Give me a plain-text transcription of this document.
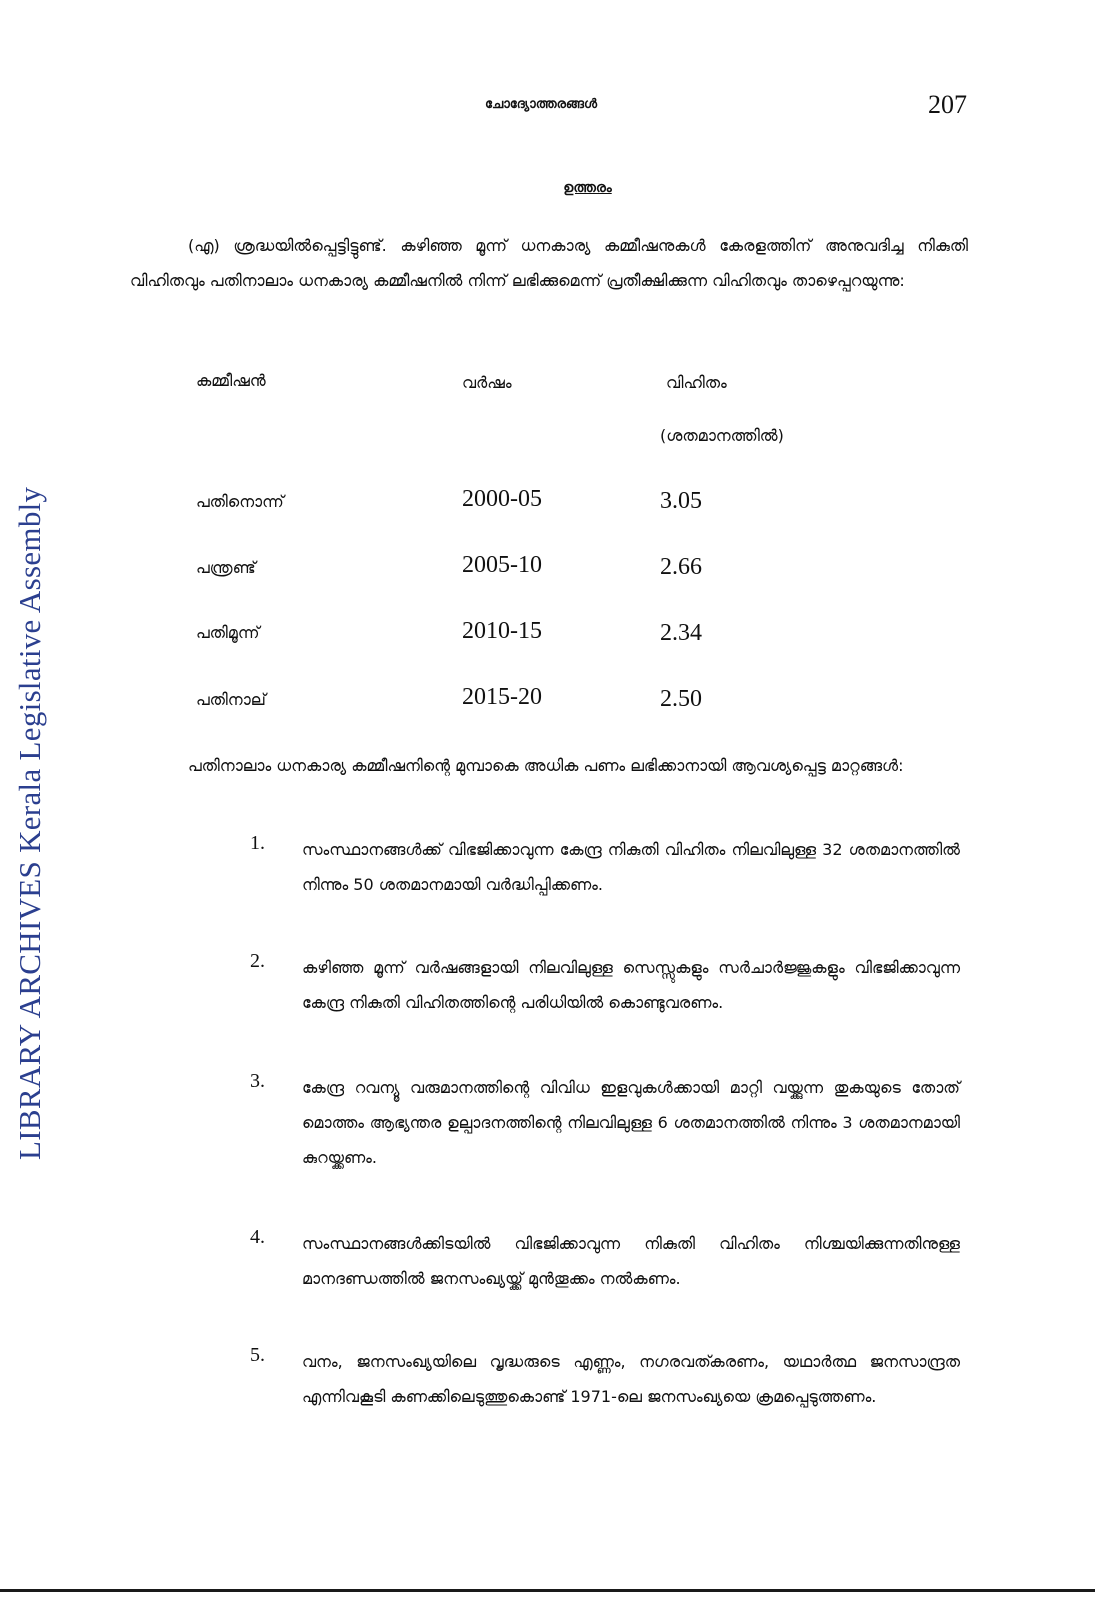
LIBRARY ARCHIVES Kerala Legislative Assembly
ചോദ്യോത്തരങ്ങൾ	207
ഉത്തരം
(എ) ശ്രദ്ധയിൽപ്പെട്ടിട്ടുണ്ട്. കഴിഞ്ഞ മൂന്ന് ധനകാര്യ കമ്മീഷനുകൾ കേരളത്തിന് അനുവദിച്ച നികുതി വിഹിതവും പതിനാലാം ധനകാര്യ കമ്മീഷനിൽ നിന്ന് ലഭിക്കുമെന്ന് പ്രതീക്ഷിക്കുന്ന വിഹിതവും താഴെപ്പറയുന്നു:
കമ്മീഷൻ	വർഷം	വിഹിതം
(ശതമാനത്തിൽ)
പതിനൊന്ന്	2000-05	3.05
പന്ത്രണ്ട്	2005-10	2.66
പതിമൂന്ന്	2010-15	2.34
പതിനാല്	2015-20	2.50
പതിനാലാം ധനകാര്യ കമ്മീഷനിന്റെ മുമ്പാകെ അധിക പണം ലഭിക്കാനായി ആവശ്യപ്പെട്ട മാറ്റങ്ങൾ:
1. സംസ്ഥാനങ്ങൾക്ക് വിഭജിക്കാവുന്ന കേന്ദ്ര നികുതി വിഹിതം നിലവിലുള്ള 32 ശതമാനത്തിൽ നിന്നും 50 ശതമാനമായി വർദ്ധിപ്പിക്കണം.
2. കഴിഞ്ഞ മൂന്ന് വർഷങ്ങളായി നിലവിലുള്ള സെസ്സുകളും സർചാർജ്ജുകളും വിഭജിക്കാവുന്ന കേന്ദ്ര നികുതി വിഹിതത്തിന്റെ പരിധിയിൽ കൊണ്ടുവരണം.
3. കേന്ദ്ര റവന്യൂ വരുമാനത്തിന്റെ വിവിധ ഇളവുകൾക്കായി മാറ്റി വയ്ക്കുന്ന തുകയുടെ തോത് മൊത്തം ആഭ്യന്തര ഉല്പാദനത്തിന്റെ നിലവിലുള്ള 6 ശതമാനത്തിൽ നിന്നും 3 ശതമാനമായി കുറയ്ക്കണം.
4. സംസ്ഥാനങ്ങൾക്കിടയിൽ വിഭജിക്കാവുന്ന നികുതി വിഹിതം നിശ്ചയിക്കുന്നതിനുള്ള മാനദണ്ഡത്തിൽ ജനസംഖ്യയ്ക്ക് മുൻതൂക്കം നൽകണം.
5. വനം, ജനസംഖ്യയിലെ വൃദ്ധരുടെ എണ്ണം, നഗരവത്കരണം, യഥാർത്ഥ ജനസാന്ദ്രത എന്നിവകൂടി കണക്കിലെടുത്തുകൊണ്ട് 1971-ലെ ജനസംഖ്യയെ ക്രമപ്പെടുത്തണം.
